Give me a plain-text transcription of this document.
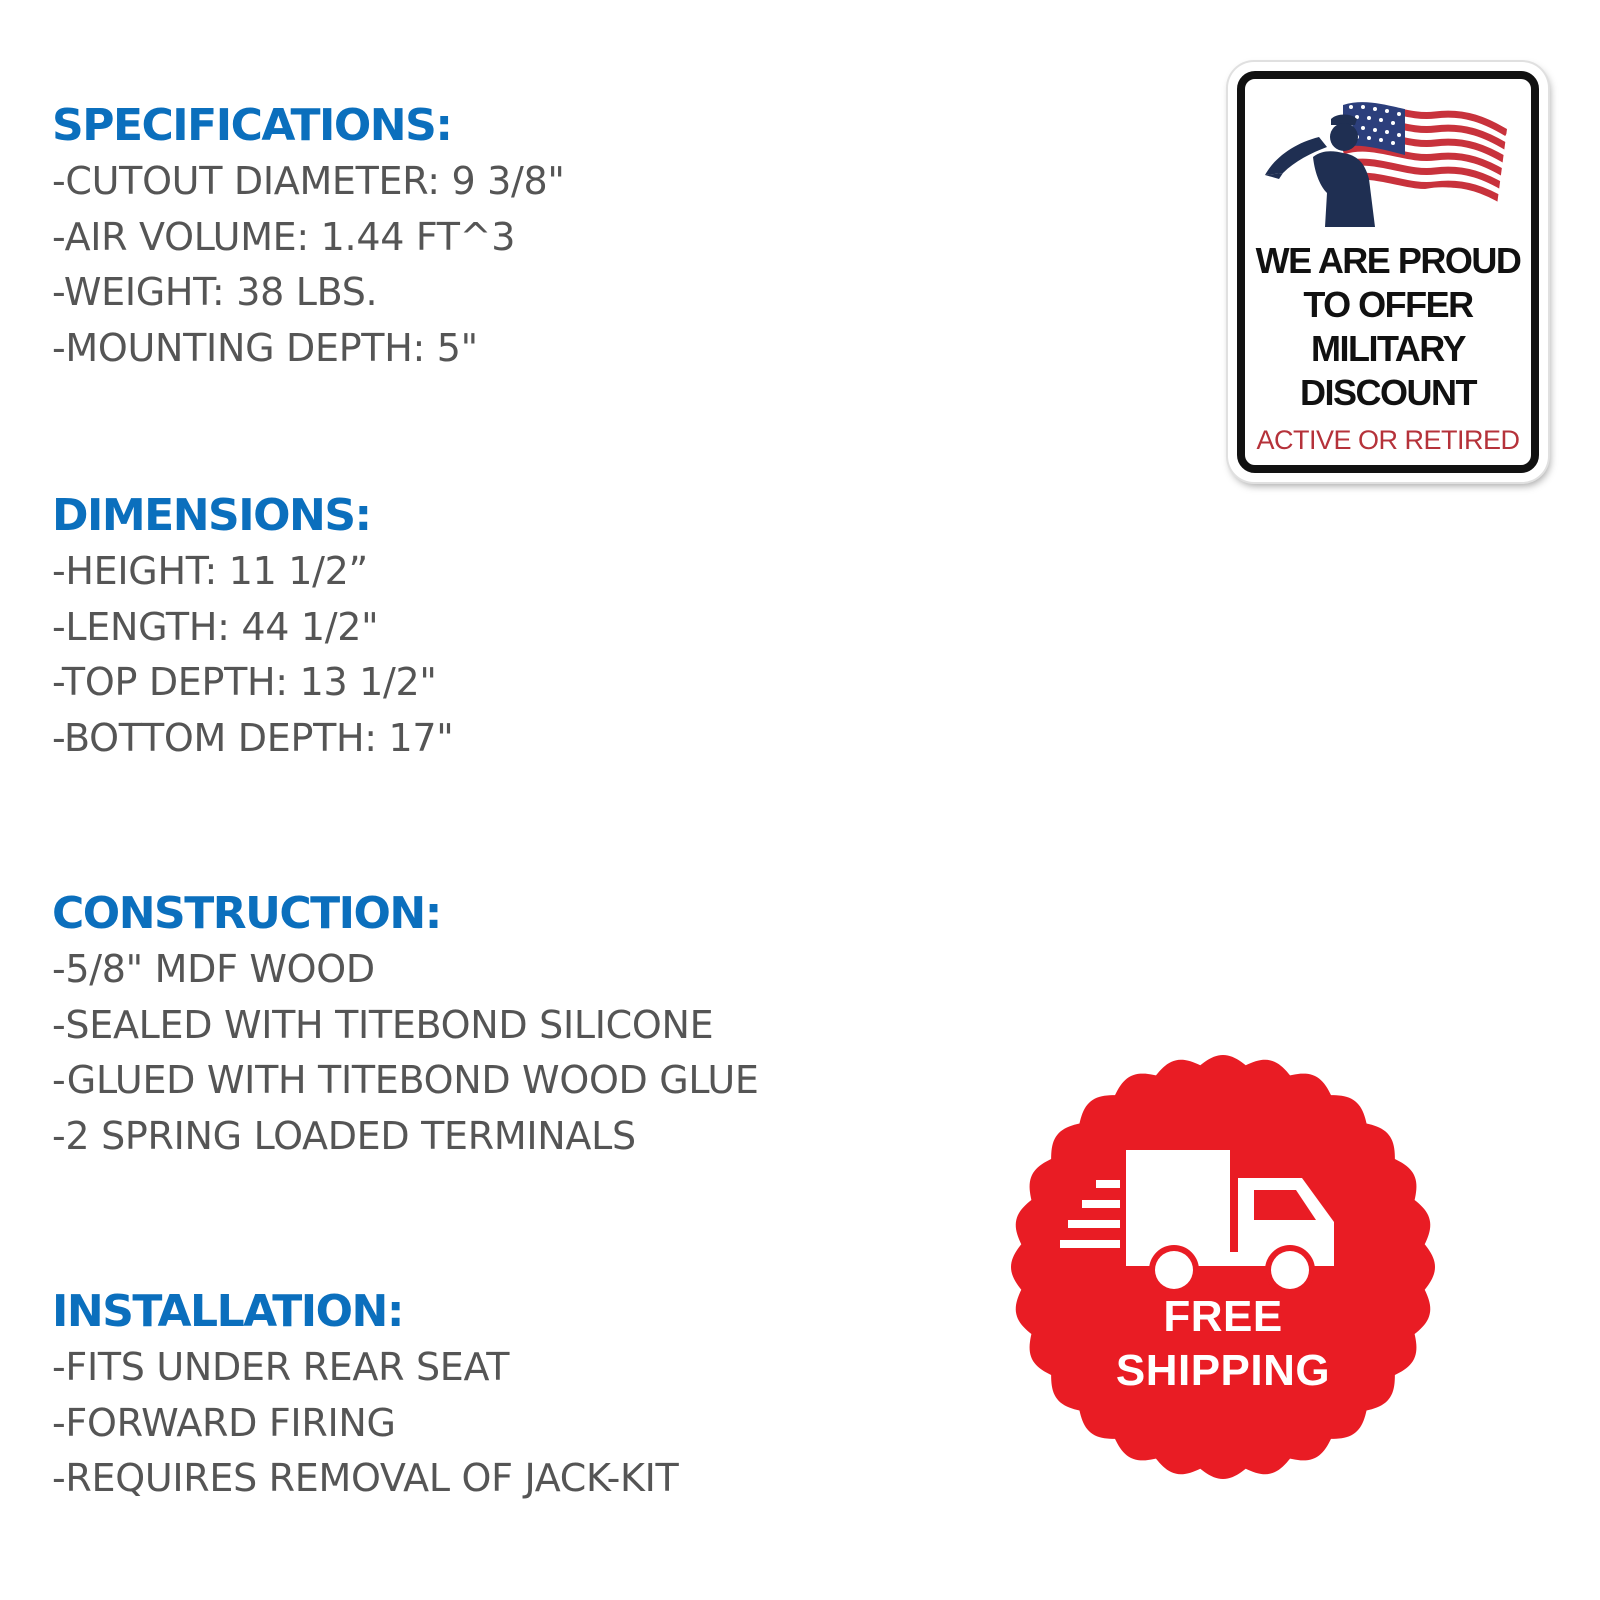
SPECIFICATIONS:
-CUTOUT DIAMETER: 9 3/8"
-AIR VOLUME: 1.44 FT^3
-WEIGHT: 38 LBS.
-MOUNTING DEPTH: 5"
DIMENSIONS:
-HEIGHT: 11 1/2”
-LENGTH: 44 1/2"
-TOP DEPTH: 13 1/2"
-BOTTOM DEPTH: 17"
CONSTRUCTION:
-5/8" MDF WOOD
-SEALED WITH TITEBOND SILICONE
-GLUED WITH TITEBOND WOOD GLUE
-2 SPRING LOADED TERMINALS
INSTALLATION:
-FITS UNDER REAR SEAT
-FORWARD FIRING
-REQUIRES REMOVAL OF JACK-KIT
WE ARE PROUD
TO OFFER
MILITARY
DISCOUNT
ACTIVE OR RETIRED
FREE
SHIPPING
